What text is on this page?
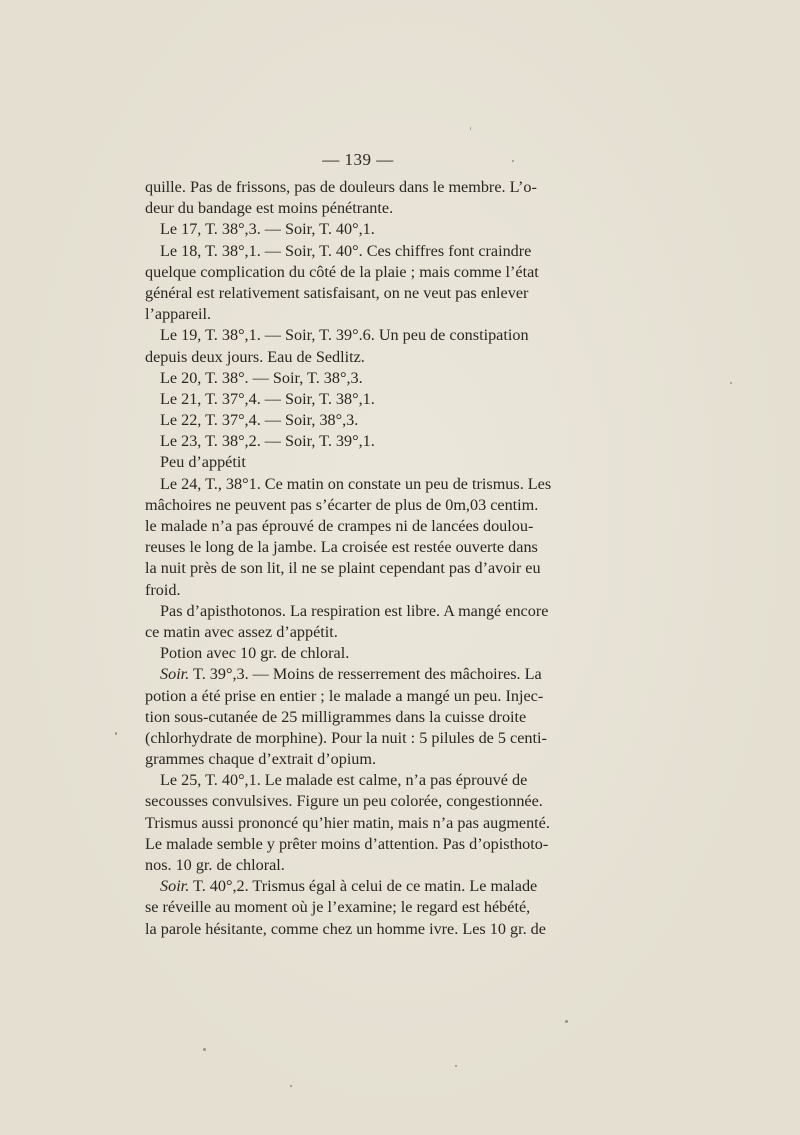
— 139 —
quille. Pas de frissons, pas de douleurs dans le membre. L’o-
deur du bandage est moins pénétrante.
Le 17, T. 38°,3. — Soir, T. 40°,1.
Le 18, T. 38°,1. — Soir, T. 40°. Ces chiffres font craindre
quelque complication du côté de la plaie ; mais comme l’état
général est relativement satisfaisant, on ne veut pas enlever
l’appareil.
Le 19, T. 38°,1. — Soir, T. 39°.6. Un peu de constipation
depuis deux jours. Eau de Sedlitz.
Le 20, T. 38°. — Soir, T. 38°,3.
Le 21, T. 37°,4. — Soir, T. 38°,1.
Le 22, T. 37°,4. — Soir, 38°,3.
Le 23, T. 38°,2. — Soir, T. 39°,1.
Peu d’appétit
Le 24, T., 38°1. Ce matin on constate un peu de trismus. Les
mâchoires ne peuvent pas s’écarter de plus de 0m,03 centim.
le malade n’a pas éprouvé de crampes ni de lancées doulou-
reuses le long de la jambe. La croisée est restée ouverte dans
la nuit près de son lit, il ne se plaint cependant pas d’avoir eu
froid.
Pas d’apisthotonos. La respiration est libre. A mangé encore
ce matin avec assez d’appétit.
Potion avec 10 gr. de chloral.
Soir. T. 39°,3. — Moins de resserrement des mâchoires. La
potion a été prise en entier ; le malade a mangé un peu. Injec-
tion sous-cutanée de 25 milligrammes dans la cuisse droite
(chlorhydrate de morphine). Pour la nuit : 5 pilules de 5 centi-
grammes chaque d’extrait d’opium.
Le 25, T. 40°,1. Le malade est calme, n’a pas éprouvé de
secousses convulsives. Figure un peu colorée, congestionnée.
Trismus aussi prononcé qu’hier matin, mais n’a pas augmenté.
Le malade semble y prêter moins d’attention. Pas d’opisthoto-
nos. 10 gr. de chloral.
Soir. T. 40°,2. Trismus égal à celui de ce matin. Le malade
se réveille au moment où je l’examine; le regard est hébété,
la parole hésitante, comme chez un homme ivre. Les 10 gr. de
